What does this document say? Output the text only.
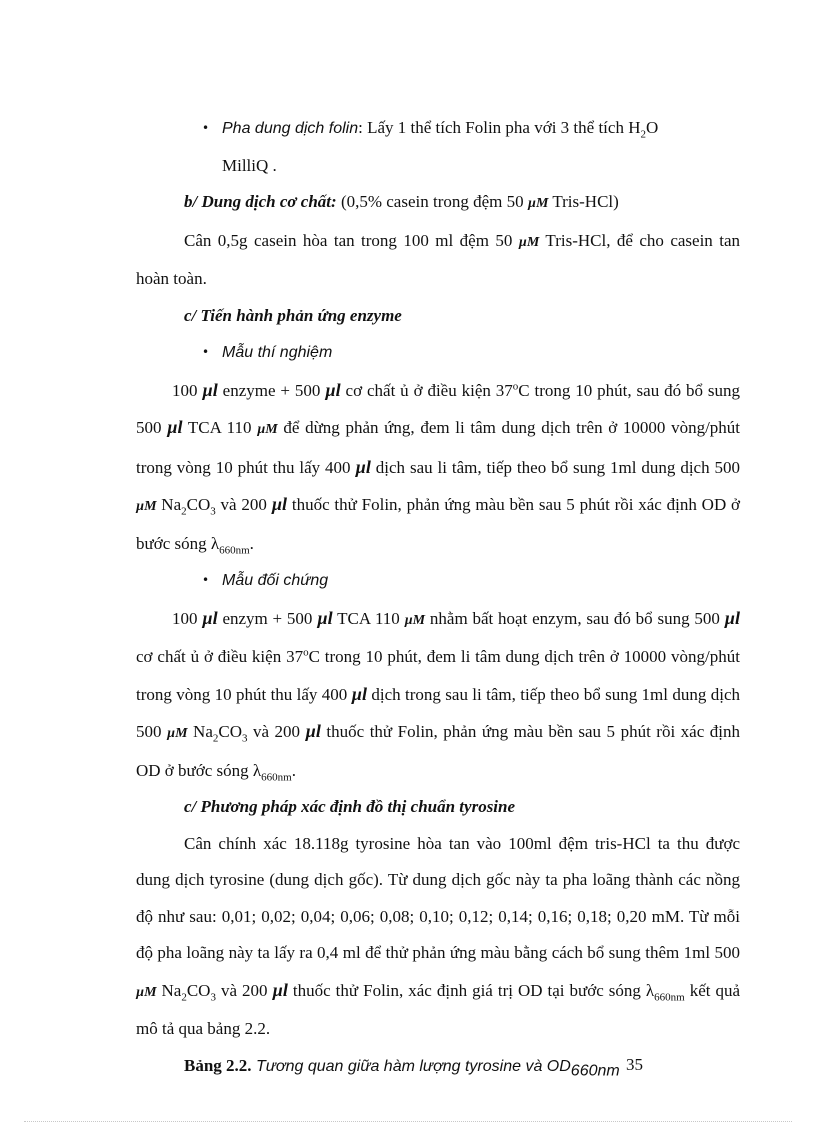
• Pha dung dịch folin: Lấy 1 thể tích Folin pha với 3 thể tích $H_2O$

MilliQ .

b/ Dung dịch cơ chất: (0,5% casein trong đệm 50 µM Tris-HCl)

Cân 0,5g casein hòa tan trong 100 ml đệm 50 µM Tris-HCl, để cho casein tan hoàn toàn.

c/ Tiến hành phản ứng enzyme

• Mẫu thí nghiệm

100 µl enzyme + 500 µl cơ chất ủ ở điều kiện 37$^o$C trong 10 phút, sau đó bổ sung 500 µl TCA 110 µM để dừng phản ứng, đem li tâm dung dịch trên ở 10000 vòng/phút trong vòng 10 phút thu lấy 400 µl dịch sau li tâm, tiếp theo bổ sung 1ml dung dịch 500 µM $Na_2CO_3$ và 200 µl thuốc thử Folin, phản ứng màu bền sau 5 phút rồi xác định OD ở bước sóng $\lambda_{660nm}$.

• Mẫu đối chứng

100 µl enzym + 500 µl TCA 110 µM nhằm bất hoạt enzym, sau đó bổ sung 500 µl cơ chất ủ ở điều kiện 37$^o$C trong 10 phút, đem li tâm dung dịch trên ở 10000 vòng/phút trong vòng 10 phút thu lấy 400 µl dịch trong sau li tâm, tiếp theo bổ sung 1ml dung dịch 500 µM $Na_2CO_3$ và 200 µl thuốc thử Folin, phản ứng màu bền sau 5 phút rồi xác định OD ở bước sóng $\lambda_{660nm}$.

c/ Phương pháp xác định đồ thị chuẩn tyrosine

Cân chính xác 18.118g tyrosine hòa tan vào 100ml đệm tris-HCl ta thu được dung dịch tyrosine (dung dịch gốc). Từ dung dịch gốc này ta pha loãng thành các nồng độ như sau: 0,01; 0,02; 0,04; 0,06; 0,08; 0,10; 0,12; 0,14; 0,16; 0,18; 0,20 mM. Từ mỗi độ pha loãng này ta lấy ra 0,4 ml để thử phản ứng màu bằng cách bổ sung thêm 1ml 500 µM $Na_2CO_3$ và 200 µl thuốc thử Folin, xác định giá trị OD tại bước sóng $\lambda_{660nm}$ kết quả mô tả qua bảng 2.2.

Bảng 2.2. Tương quan giữa hàm lượng tyrosine và $OD_{660nm}$ 35
